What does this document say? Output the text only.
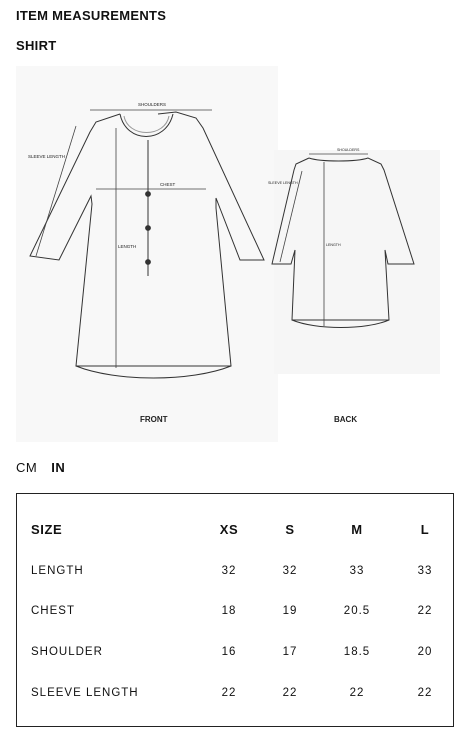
ITEM MEASUREMENTS
SHIRT
SHOULDERS
SLEEVE LENGTH
CHEST
LENGTH
SHOULDERS
SLEEVE LENGTH
LENGTH
FRONT	BACK
CM IN
SIZE	XS	S	M	L
LENGTH	32	32	33	33
CHEST	18	19	20.5	22
SHOULDER	16	17	18.5	20
SLEEVE LENGTH	22	22	22	22
